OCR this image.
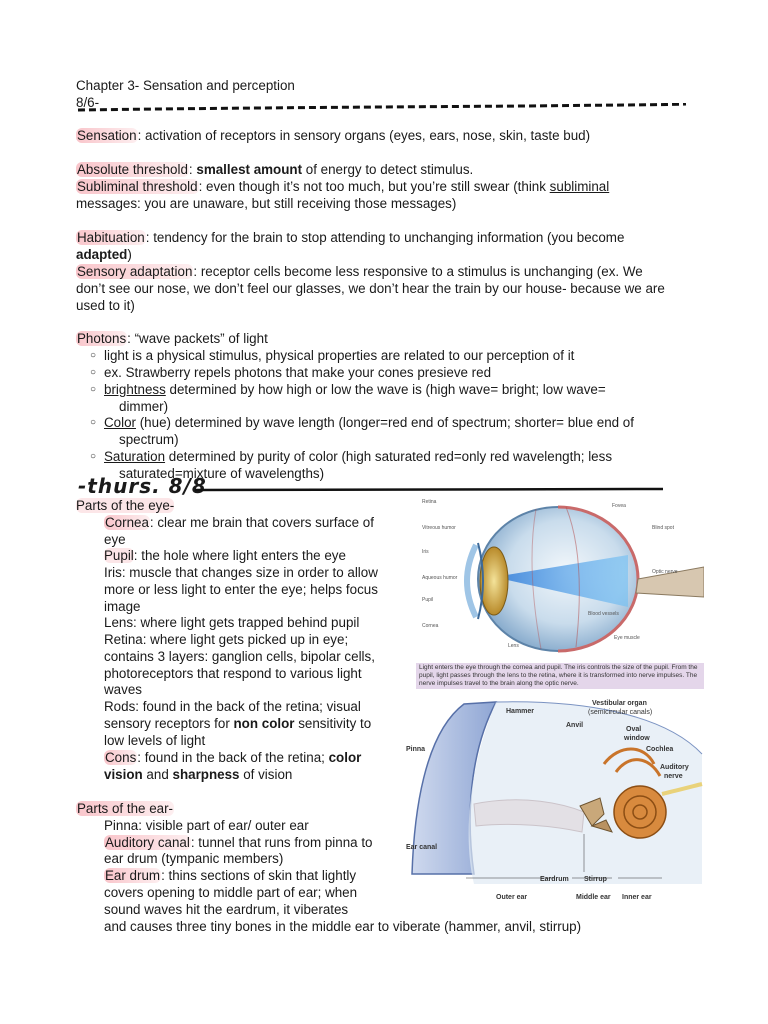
Chapter 3- Sensation and perception
8/6-
Sensation: activation of receptors in sensory organs (eyes, ears, nose, skin, taste bud)
Absolute threshold: smallest amount of energy to detect stimulus.
Subliminal threshold: even though it’s not too much, but you’re still swear (think subliminal
messages: you are unaware, but still receiving those messages)
Habituation: tendency for the brain to stop attending to unchanging information (you become
adapted)
Sensory adaptation: receptor cells become less responsive to a stimulus is unchanging (ex. We
don’t see our nose, we don’t feel our glasses, we don’t hear the train by our house- because we are
used to it)
Photons: “wave packets” of light
○ light is a physical stimulus, physical properties are related to our perception of it
○ ex. Strawberry repels photons that make your cones presieve red
○ brightness determined by how high or low the wave is (high wave= bright; low wave=
dimmer)
○ Color (hue) determined by wave length (longer=red end of spectrum; shorter= blue end of
spectrum)
○ Saturation determined by purity of color (high saturated red=only red wavelength; less
saturated=mixture of wavelengths)
-thurs. 8/8
Parts of the eye-
Cornea: clear me brain that covers surface of
eye
Pupil: the hole where light enters the eye
Iris: muscle that changes size in order to allow
more or less light to enter the eye; helps focus
image
Lens: where light gets trapped behind pupil
Retina: where light gets picked up in eye;
contains 3 layers: ganglion cells, bipolar cells,
photoreceptors that respond to various light
waves
Rods: found in the back of the retina; visual
sensory receptors for non color sensitivity to
low levels of light
Cons: found in the back of the retina; color
vision and sharpness of vision
Parts of the ear-
Pinna: visible part of ear/ outer ear
Auditory canal: tunnel that runs from pinna to
ear drum (tympanic members)
Ear drum: thins sections of skin that lightly
covers opening to middle part of ear; when
sound waves hit the eardrum, it viberates
and causes three tiny bones in the middle ear to viberate (hammer, anvil, stirrup)
Retina
Vitreous humor
Iris
Aqueous humor
Pupil
Cornea
Lens
Fovea
Blind spot
Optic nerve
Blood vessels
Eye muscle
Light enters the eye through the cornea and pupil. The iris controls the size of the pupil. From the pupil, light passes through the lens to the retina, where it is transformed into nerve impulses. The nerve impulses travel to the brain along the optic nerve.
Hammer
Anvil
Vestibular organ
(semicircular canals)
Oval
window
Cochlea
Auditory
nerve
Pinna
Ear canal
Eardrum Stirrup
Outer ear	Middle ear Inner ear
